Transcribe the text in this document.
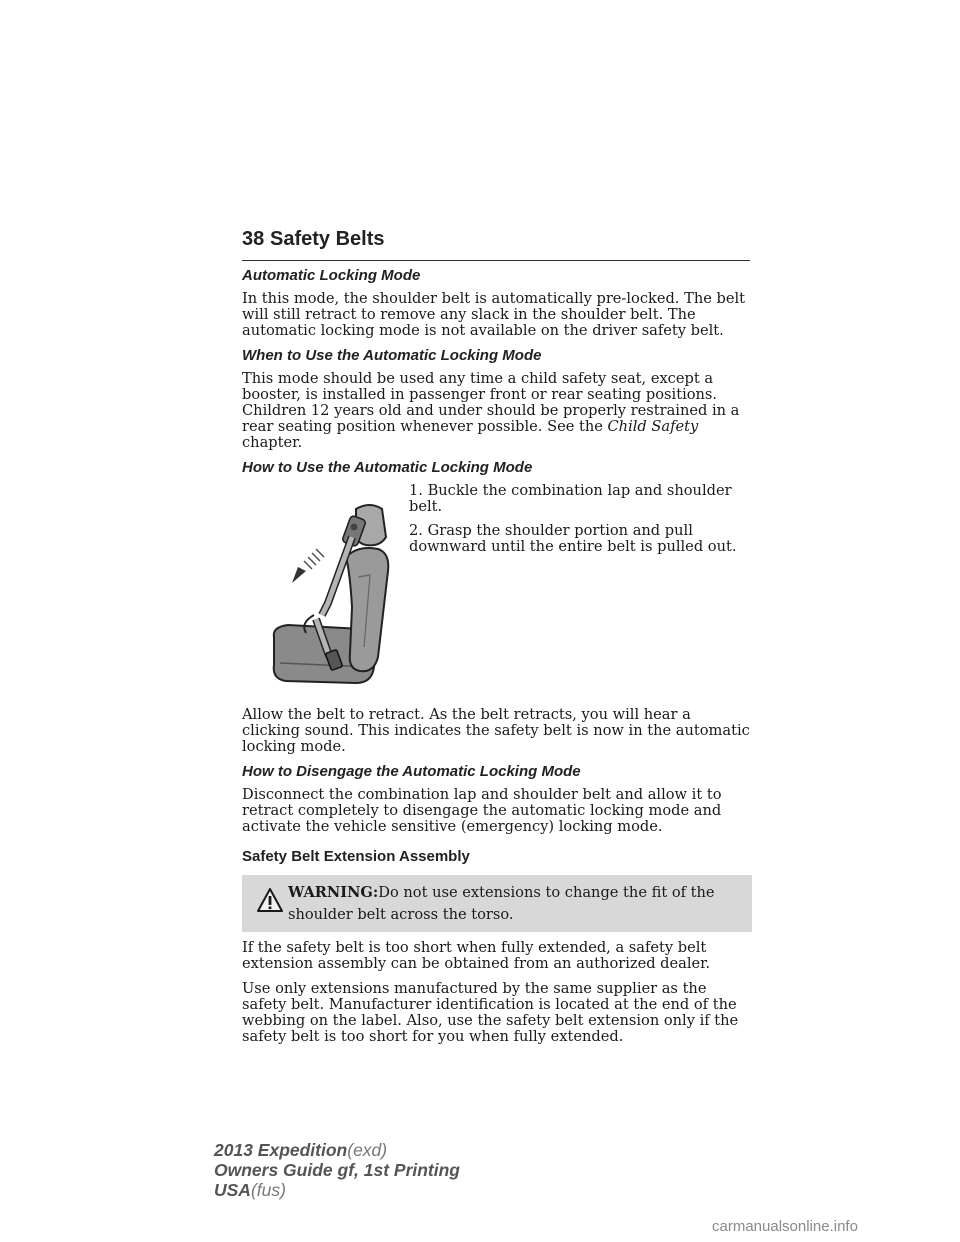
38 Safety Belts
Automatic Locking Mode

In this mode, the shoulder belt is automatically pre-locked. The belt will still retract to remove any slack in the shoulder belt. The automatic locking mode is not available on the driver safety belt.

When to Use the Automatic Locking Mode

This mode should be used any time a child safety seat, except a booster, is installed in passenger front or rear seating positions. Children 12 years old and under should be properly restrained in a rear seating position whenever possible. See the Child Safety chapter.

How to Use the Automatic Locking Mode

1. Buckle the combination lap and shoulder belt.

2. Grasp the shoulder portion and pull downward until the entire belt is pulled out.

Allow the belt to retract. As the belt retracts, you will hear a clicking sound. This indicates the safety belt is now in the automatic locking mode.

How to Disengage the Automatic Locking Mode

Disconnect the combination lap and shoulder belt and allow it to retract completely to disengage the automatic locking mode and activate the vehicle sensitive (emergency) locking mode.

Safety Belt Extension Assembly
WARNING:Do not use extensions to change the fit of the shoulder belt across the torso.

If the safety belt is too short when fully extended, a safety belt extension assembly can be obtained from an authorized dealer.

Use only extensions manufactured by the same supplier as the safety belt. Manufacturer identification is located at the end of the webbing on the label. Also, use the safety belt extension only if the safety belt is too short for you when fully extended.

2013 Expedition(exd)
Owners Guide gf, 1st Printing
USA(fus)
carmanualsonline.info
